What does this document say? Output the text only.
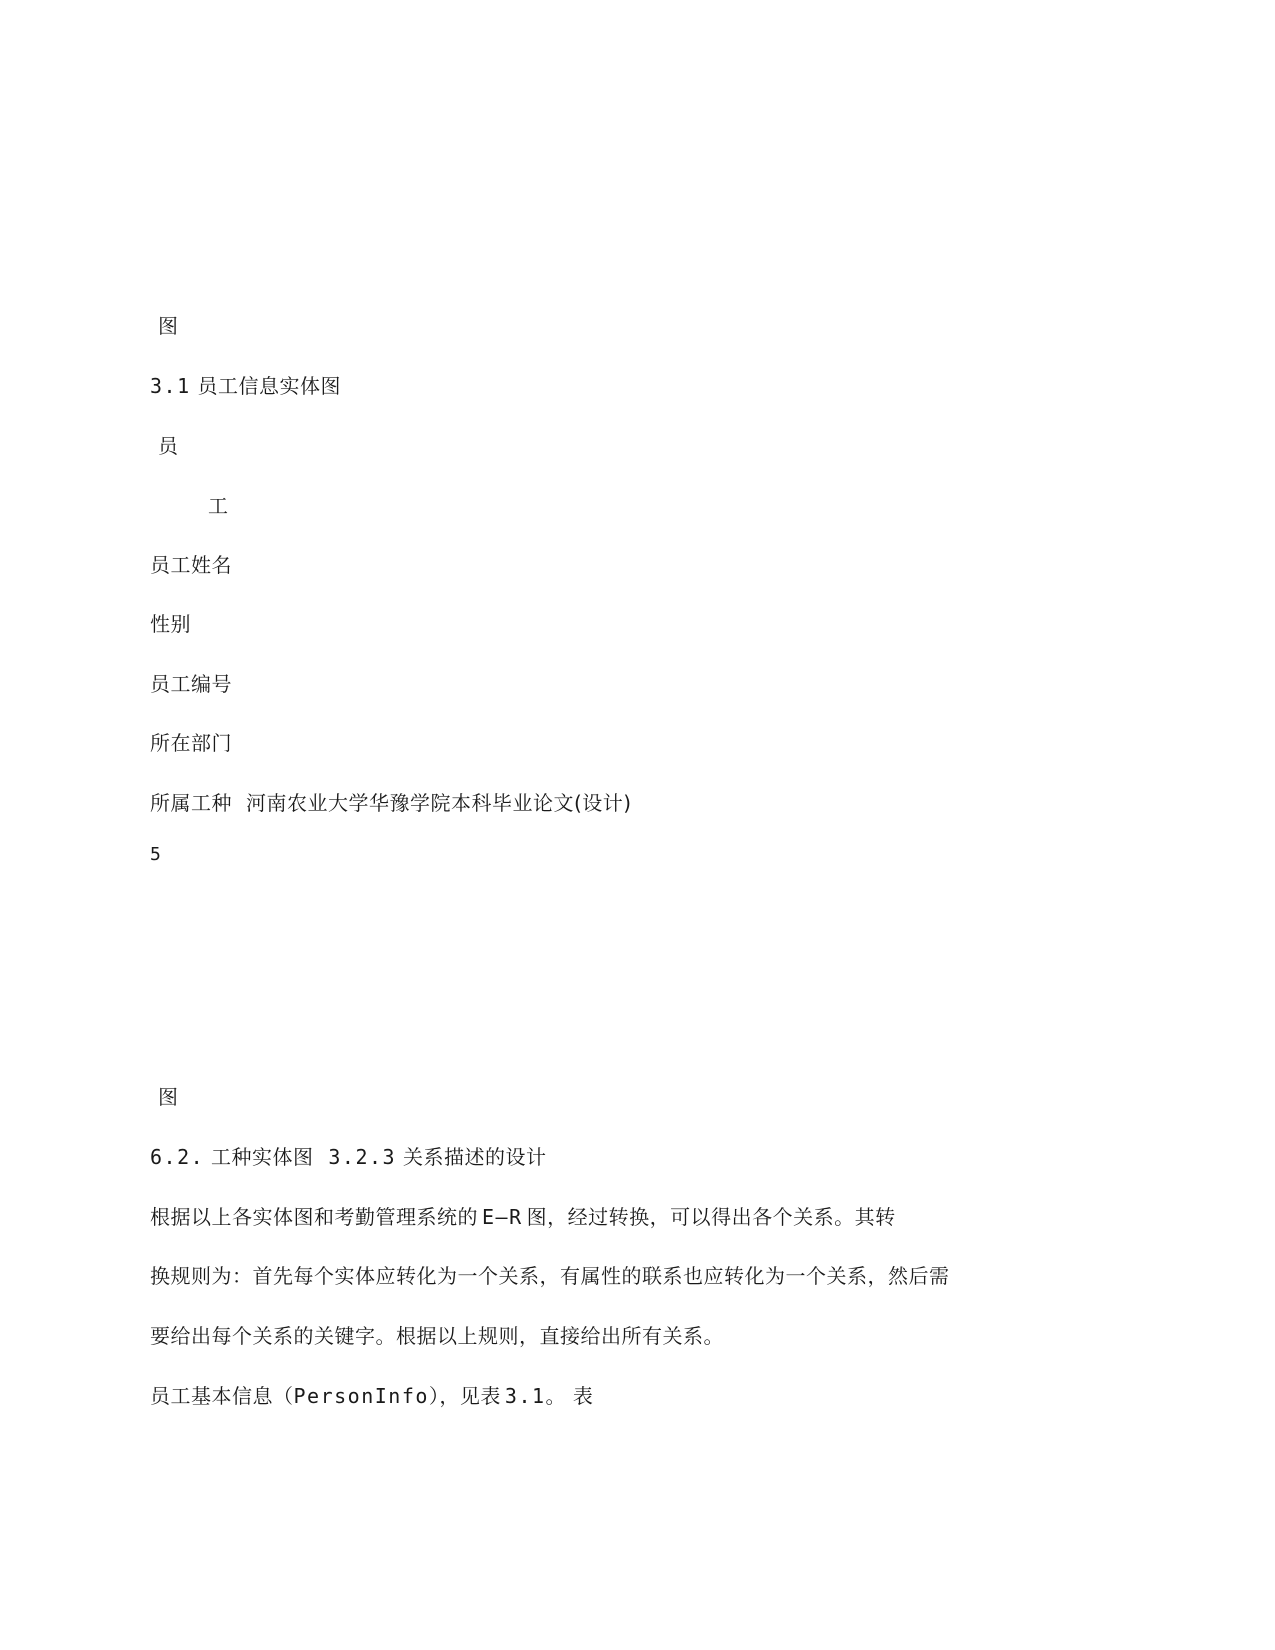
图
3.1 员工信息实体图
员
工
员工姓名
性别
员工编号
所在部门
所属工种 河南农业大学华豫学院本科毕业论文(设计)
5
图
6.2. 工种实体图 3.2.3 关系描述的设计
根据以上各实体图和考勤管理系统的 E—R 图，经过转换，可以得出各个关系。其转
换规则为：首先每个实体应转化为一个关系，有属性的联系也应转化为一个关系，然后需
要给出每个关系的关键字。根据以上规则，直接给出所有关系。
员工基本信息（PersonInfo），见表 3.1。 表
